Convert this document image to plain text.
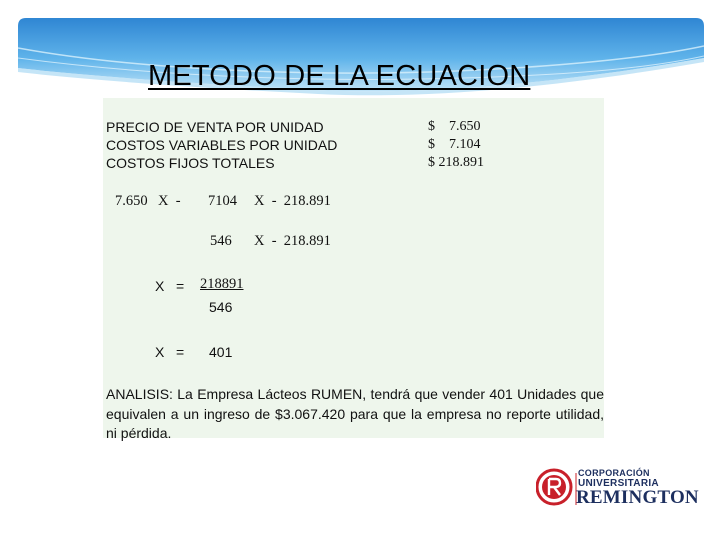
METODO DE LA ECUACION
PRECIO DE VENTA POR UNIDAD
COSTOS VARIABLES POR UNIDAD
COSTOS FIJOS TOTALES
$    7.650
$    7.104
$ 218.891
7.650 X  - 7104 X  -  218.891
546 X  -  218.891
X   = 218891
546
X   = 401
ANALISIS: La Empresa Lácteos RUMEN, tendrá que vender 401 Unidades que equivalen a un ingreso de $3.067.420 para que la empresa no reporte utilidad, ni pérdida.
CORPORACIÓN
UNIVERSITARIA
REMINGTON
